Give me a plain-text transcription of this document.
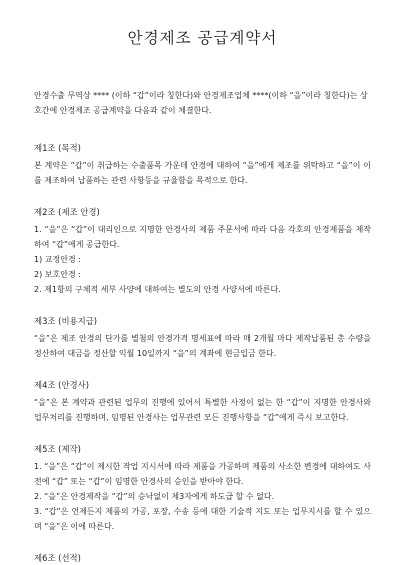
안경제조 공급계약서

안경수출 무역상 **** (이하 “갑”이라 칭한다)와 안경제조업체 ****(이하 “을”이라 칭한다)는 상호간에 안경제조 공급계약을 다음과 같이 체결한다.

제1조 (목적)

본 계약은 “갑”이 취급하는 수출품목 가운데 안경에 대하여 “을”에게 제조를 위탁하고 “을”이 이를 제조하여 납품하는 관련 사항등을 규율함을 목적으로 한다.

제2조 (제조 안경)

1. “을”은 “갑”이 대리인으로 지명한 안경사의 제품 주문서에 따라 다음 각호의 안경제품을 제작하여 “갑”에게 공급한다.

1) 교정안경 :

2) 보호안경 :

2. 제1항의 구체적 세부 사양에 대하여는 별도의 안경 사양서에 따른다.

제3조 (비용지급)

“을”은 제조 안경의 단가를 별첨의 안경가격 명세표에 따라 매 2개월 마다 제작납품된 총 수량을 정산하여 대금을 정산할 익월 10일까지 “을”의 계좌에 현금입금 한다.

제4조 (안경사)

“을”은 본 계약과 관련된 업무의 진행에 있어서 특별한 사정이 없는 한 “갑”이 지명한 안경사와 업무처리를 진행하며, 임명된 안경사는 업무관련 모든 진행사항을 “갑”에게 즉시 보고한다.

제5조 (제작)

1. “을”은 “갑”이 제시한 작업 지시서에 따라 제품을 가공하며 제품의 사소한 변경에 대하여도 사전에 “갑” 또는 “갑”이 임명한 안경사의 승인을 받아야 한다.

2. “을”은 안경제작을 “갑”의 승낙없이 제3자에게 하도급 할 수 없다.

3. “갑”은 언제든지 제품의 가공, 포장, 수송 등에 대한 기술적 지도 또는 업무지시를 할 수 있으며 “을”은 이에 따른다.

제6조 (선적)
